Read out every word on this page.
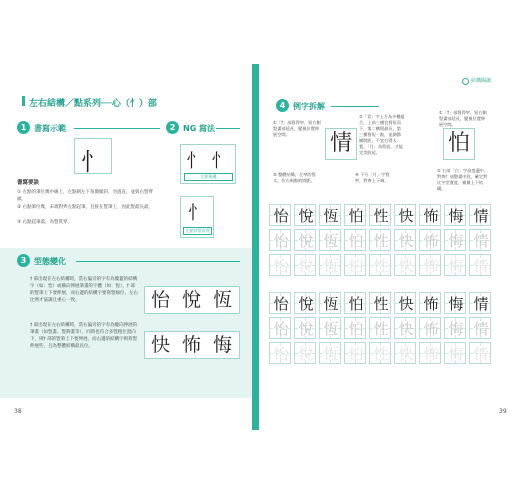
左右結構／點系列──心（忄）部
1 書寫示範
忄
書寫要訣
① 左點的筆位幾中線上，左點朝左下角微傾斜，勿過直，並與右豎齊頭。
② 右點筆位幾，末端對齊左點起筆，且接在豎筆上，因此豎最長最。
③ 右點起筆落，為豎貫穿。
2 NG 寫法
忄 忄
左點倒邊
忄
左點斜豎看得
3 型態變化
† 部出現在左右結構時，當右偏旁的字有為覆蓋的結構字（如：怡）或橫向伸展筆畫的字體（如：恆），† 部的豎筆上下要伸展，而右邊的結構字要寫豎線位，左右比例才協調且重心一致。	怡 悅 恆
† 部出現在左右結構時，當右偏旁的字有為縱向伸展的筆畫（如豎畫、豎鉤畫等），同時也符合多豎粗位置向下，則† 部的豎筆上下要伸展，而右邊的結構字則寫豎伸展些，且為整體結構最長位。	快 怖 悔
38
結構閱讀
4 例字拆解
①「†」部寫得窄，短右側豎畫部延長，變視位覺伸展空間。
②「青」字上方為多橫組合，上前三橫宜寫短而下，第二橫則最長，第三橫寫短一點，並調節橫間距，不宜打得太寬，「月」為寫短，才能完美收尾。
情
③ 整體結構，左窄的寫太，位右兩點的間距。
④ 下方「月」字寫窄，對齊上下端。
①「†」部寫得窄，短右側豎畫部延長，變視位覺伸展空間。
怕
② 右部「白」字高度適中，對齊忄部整畫中段，確定對比字型寬度，補償上下結構。
怡 悅 恆 怕 性 快 怖 悔 情
怡 悅 恆 怕 性 快 怖 悔 情
怡 悅 恆 怕 性 快 怖 悔 情
怡 悅 恆 怕 性 快 怖 悔 情
怡 悅 恆 怕 性 快 怖 悔 情
怡 悅 恆 怕 性 快 怖 悔 情
39
